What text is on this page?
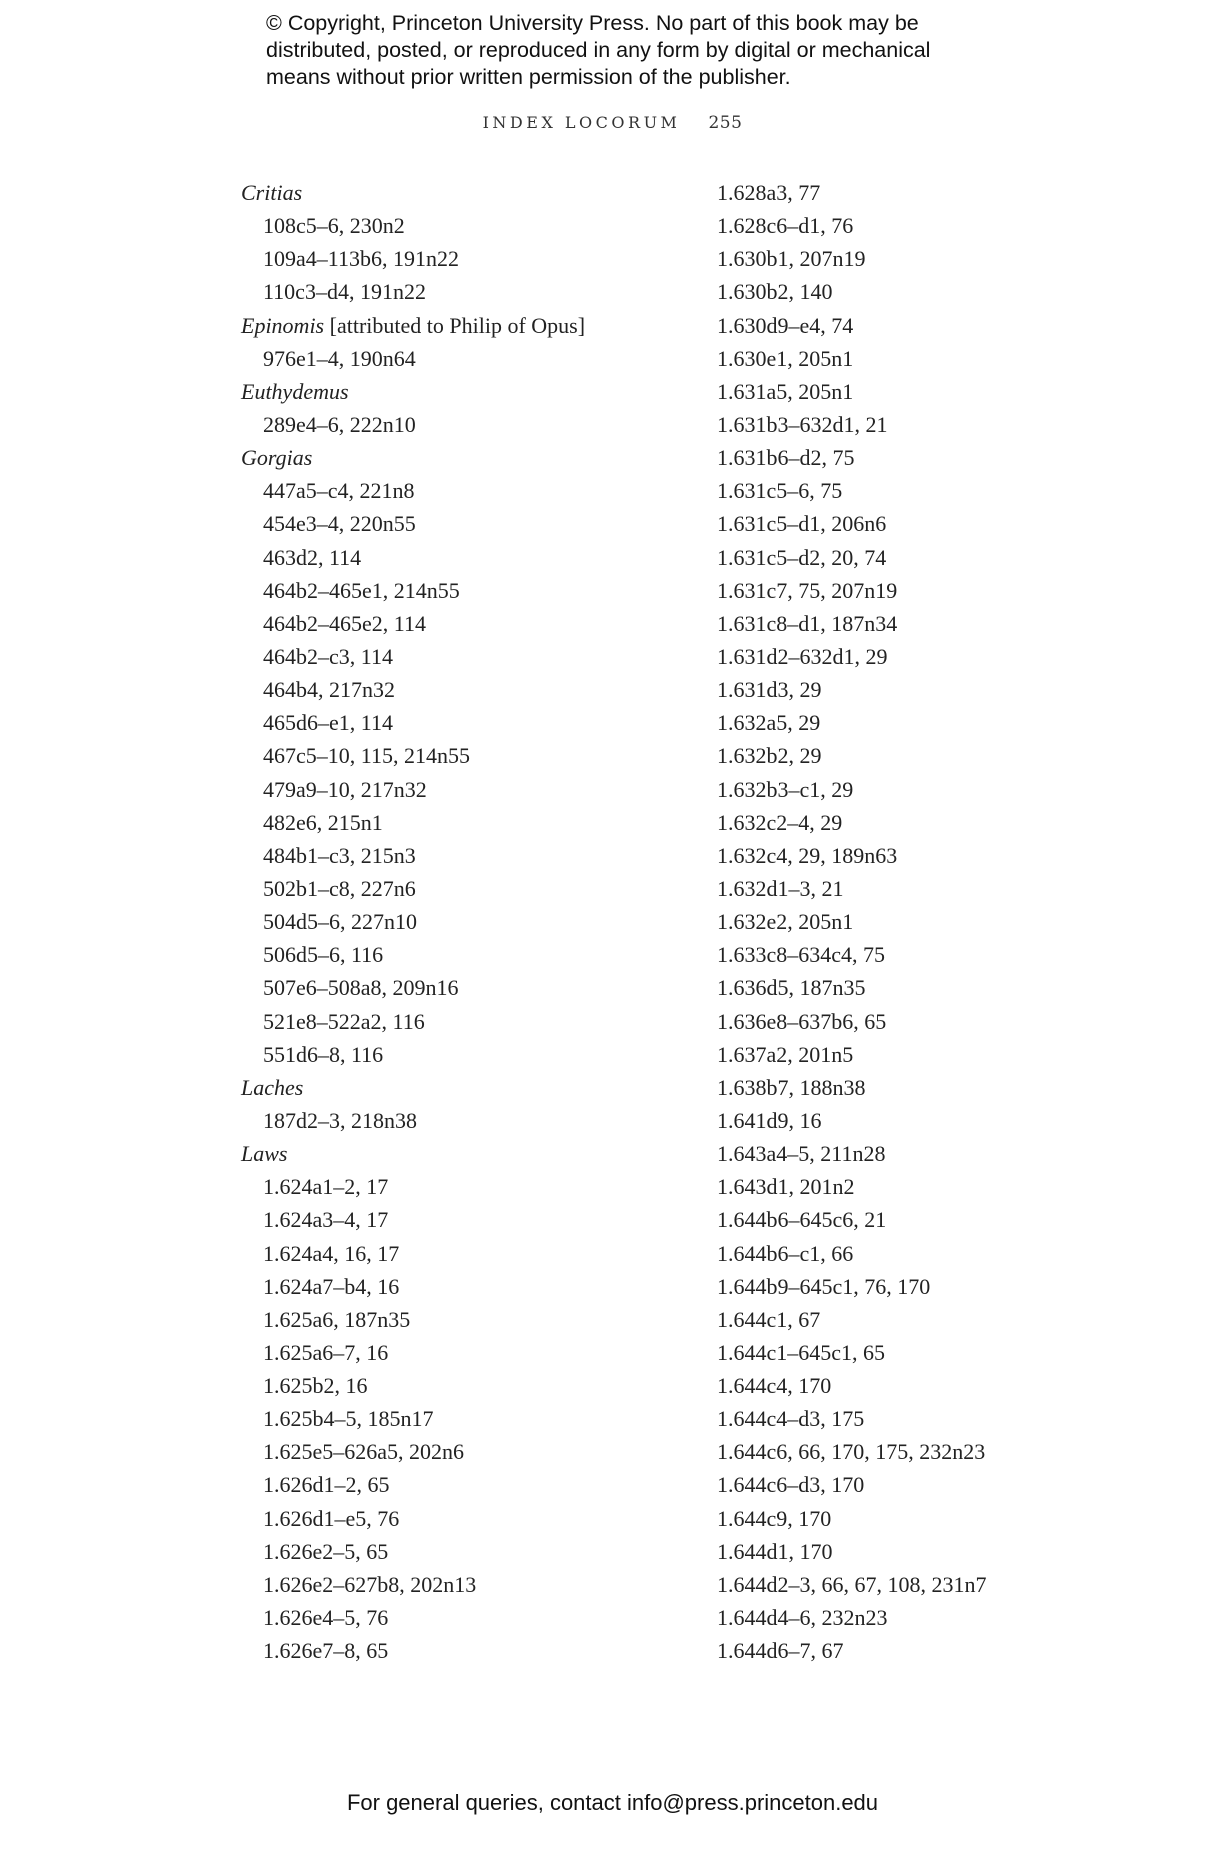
© Copyright, Princeton University Press. No part of this book may be
distributed, posted, or reproduced in any form by digital or mechanical
means without prior written permission of the publisher.
INDEX LOCORUM 255
Critias
108c5–6, 230n2
109a4–113b6, 191n22
110c3–d4, 191n22
Epinomis [attributed to Philip of Opus]
976e1–4, 190n64
Euthydemus
289e4–6, 222n10
Gorgias
447a5–c4, 221n8
454e3–4, 220n55
463d2, 114
464b2–465e1, 214n55
464b2–465e2, 114
464b2–c3, 114
464b4, 217n32
465d6–e1, 114
467c5–10, 115, 214n55
479a9–10, 217n32
482e6, 215n1
484b1–c3, 215n3
502b1–c8, 227n6
504d5–6, 227n10
506d5–6, 116
507e6–508a8, 209n16
521e8–522a2, 116
551d6–8, 116
Laches
187d2–3, 218n38
Laws
1.624a1–2, 17
1.624a3–4, 17
1.624a4, 16, 17
1.624a7–b4, 16
1.625a6, 187n35
1.625a6–7, 16
1.625b2, 16
1.625b4–5, 185n17
1.625e5–626a5, 202n6
1.626d1–2, 65
1.626d1–e5, 76
1.626e2–5, 65
1.626e2–627b8, 202n13
1.626e4–5, 76
1.626e7–8, 65
1.628a3, 77
1.628c6–d1, 76
1.630b1, 207n19
1.630b2, 140
1.630d9–e4, 74
1.630e1, 205n1
1.631a5, 205n1
1.631b3–632d1, 21
1.631b6–d2, 75
1.631c5–6, 75
1.631c5–d1, 206n6
1.631c5–d2, 20, 74
1.631c7, 75, 207n19
1.631c8–d1, 187n34
1.631d2–632d1, 29
1.631d3, 29
1.632a5, 29
1.632b2, 29
1.632b3–c1, 29
1.632c2–4, 29
1.632c4, 29, 189n63
1.632d1–3, 21
1.632e2, 205n1
1.633c8–634c4, 75
1.636d5, 187n35
1.636e8–637b6, 65
1.637a2, 201n5
1.638b7, 188n38
1.641d9, 16
1.643a4–5, 211n28
1.643d1, 201n2
1.644b6–645c6, 21
1.644b6–c1, 66
1.644b9–645c1, 76, 170
1.644c1, 67
1.644c1–645c1, 65
1.644c4, 170
1.644c4–d3, 175
1.644c6, 66, 170, 175, 232n23
1.644c6–d3, 170
1.644c9, 170
1.644d1, 170
1.644d2–3, 66, 67, 108, 231n7
1.644d4–6, 232n23
1.644d6–7, 67
For general queries, contact info@press.princeton.edu
